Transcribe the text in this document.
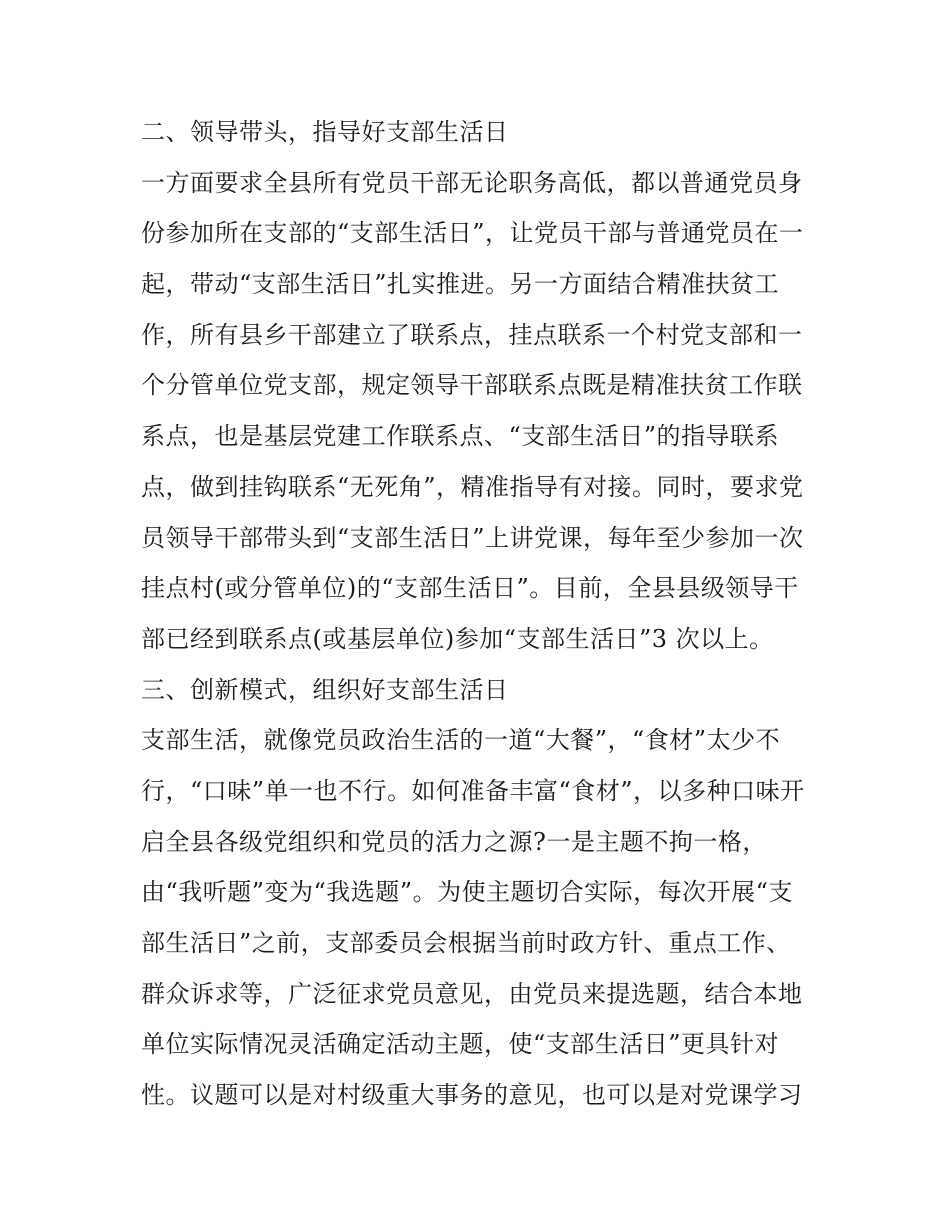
二、领导带头，指导好支部生活日
一方面要求全县所有党员干部无论职务高低，都以普通党员身
份参加所在支部的“支部生活日”，让党员干部与普通党员在一
起，带动“支部生活日”扎实推进。另一方面结合精准扶贫工
作，所有县乡干部建立了联系点，挂点联系一个村党支部和一
个分管单位党支部，规定领导干部联系点既是精准扶贫工作联
系点，也是基层党建工作联系点、“支部生活日”的指导联系
点，做到挂钩联系“无死角”，精准指导有对接。同时，要求党
员领导干部带头到“支部生活日”上讲党课，每年至少参加一次
挂点村(或分管单位)的“支部生活日”。目前，全县县级领导干
部已经到联系点(或基层单位)参加“支部生活日”3 次以上。
三、创新模式，组织好支部生活日
支部生活，就像党员政治生活的一道“大餐”，“食材”太少不
行，“口味”单一也不行。如何准备丰富“食材”，以多种口味开
启全县各级党组织和党员的活力之源?一是主题不拘一格，
由“我听题”变为“我选题”。为使主题切合实际，每次开展“支
部生活日”之前，支部委员会根据当前时政方针、重点工作、
群众诉求等，广泛征求党员意见，由党员来提选题，结合本地
单位实际情况灵活确定活动主题，使“支部生活日”更具针对
性。议题可以是对村级重大事务的意见，也可以是对党课学习
